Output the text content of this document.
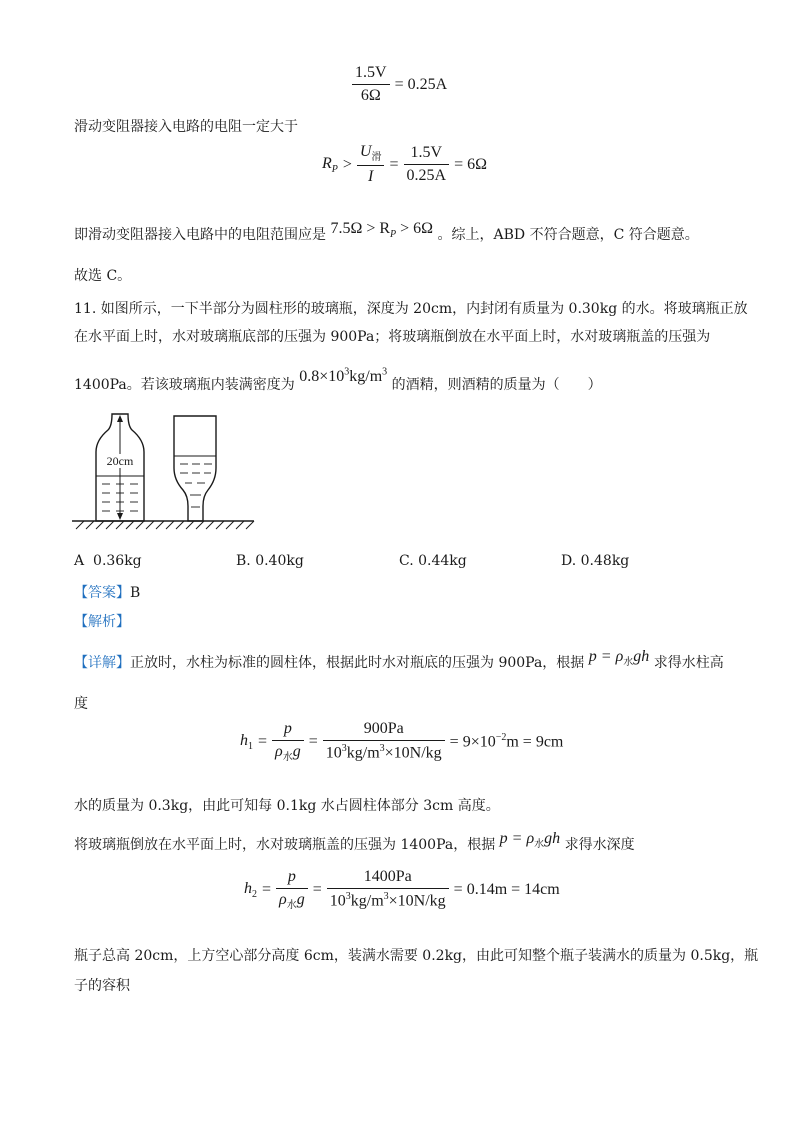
$\frac{1.5V}{6\Omega} = 0.25A$
滑动变阻器接入电路的电阻一定大于
$R_P > \frac{U_滑}{I} = \frac{1.5V}{0.25A} = 6\Omega$
即滑动变阻器接入电路中的电阻范围应是 $7.5\Omega > R_P > 6\Omega$ 。综上，ABD 不符合题意，C 符合题意。
故选 C。
11. 如图所示，一下半部分为圆柱形的玻璃瓶，深度为 20cm，内封闭有质量为 0.30kg 的水。将玻璃瓶正放
在水平面上时，水对玻璃瓶底部的压强为 900Pa；将玻璃瓶倒放在水平面上时，水对玻璃瓶盖的压强为
1400Pa。若该玻璃瓶内装满密度为 $0.8\times 10^3kg/m^3$ 的酒精，则酒精的质量为（　　）
20cm
A 0.36kg	B. 0.40kg	C. 0.44kg	D. 0.48kg
【答案】B
【解析】
【详解】正放时，水柱为标准的圆柱体，根据此时水对瓶底的压强为 900Pa，根据 $p = \rho_水gh$ 求得水柱高
度
$h_1 = \frac{p}{\rho_水g} = \frac{900Pa}{10^3kg/m^3\times 10N/kg} = 9\times 10^{-2}m = 9cm$
水的质量为 0.3kg，由此可知每 0.1kg 水占圆柱体部分 3cm 高度。
将玻璃瓶倒放在水平面上时，水对玻璃瓶盖的压强为 1400Pa，根据 $p = \rho_水gh$ 求得水深度
$h_2 = \frac{p}{\rho_水g} = \frac{1400Pa}{10^3kg/m^3\times 10N/kg} = 0.14m = 14cm$
瓶子总高 20cm，上方空心部分高度 6cm，装满水需要 0.2kg，由此可知整个瓶子装满水的质量为 0.5kg，瓶
子的容积
